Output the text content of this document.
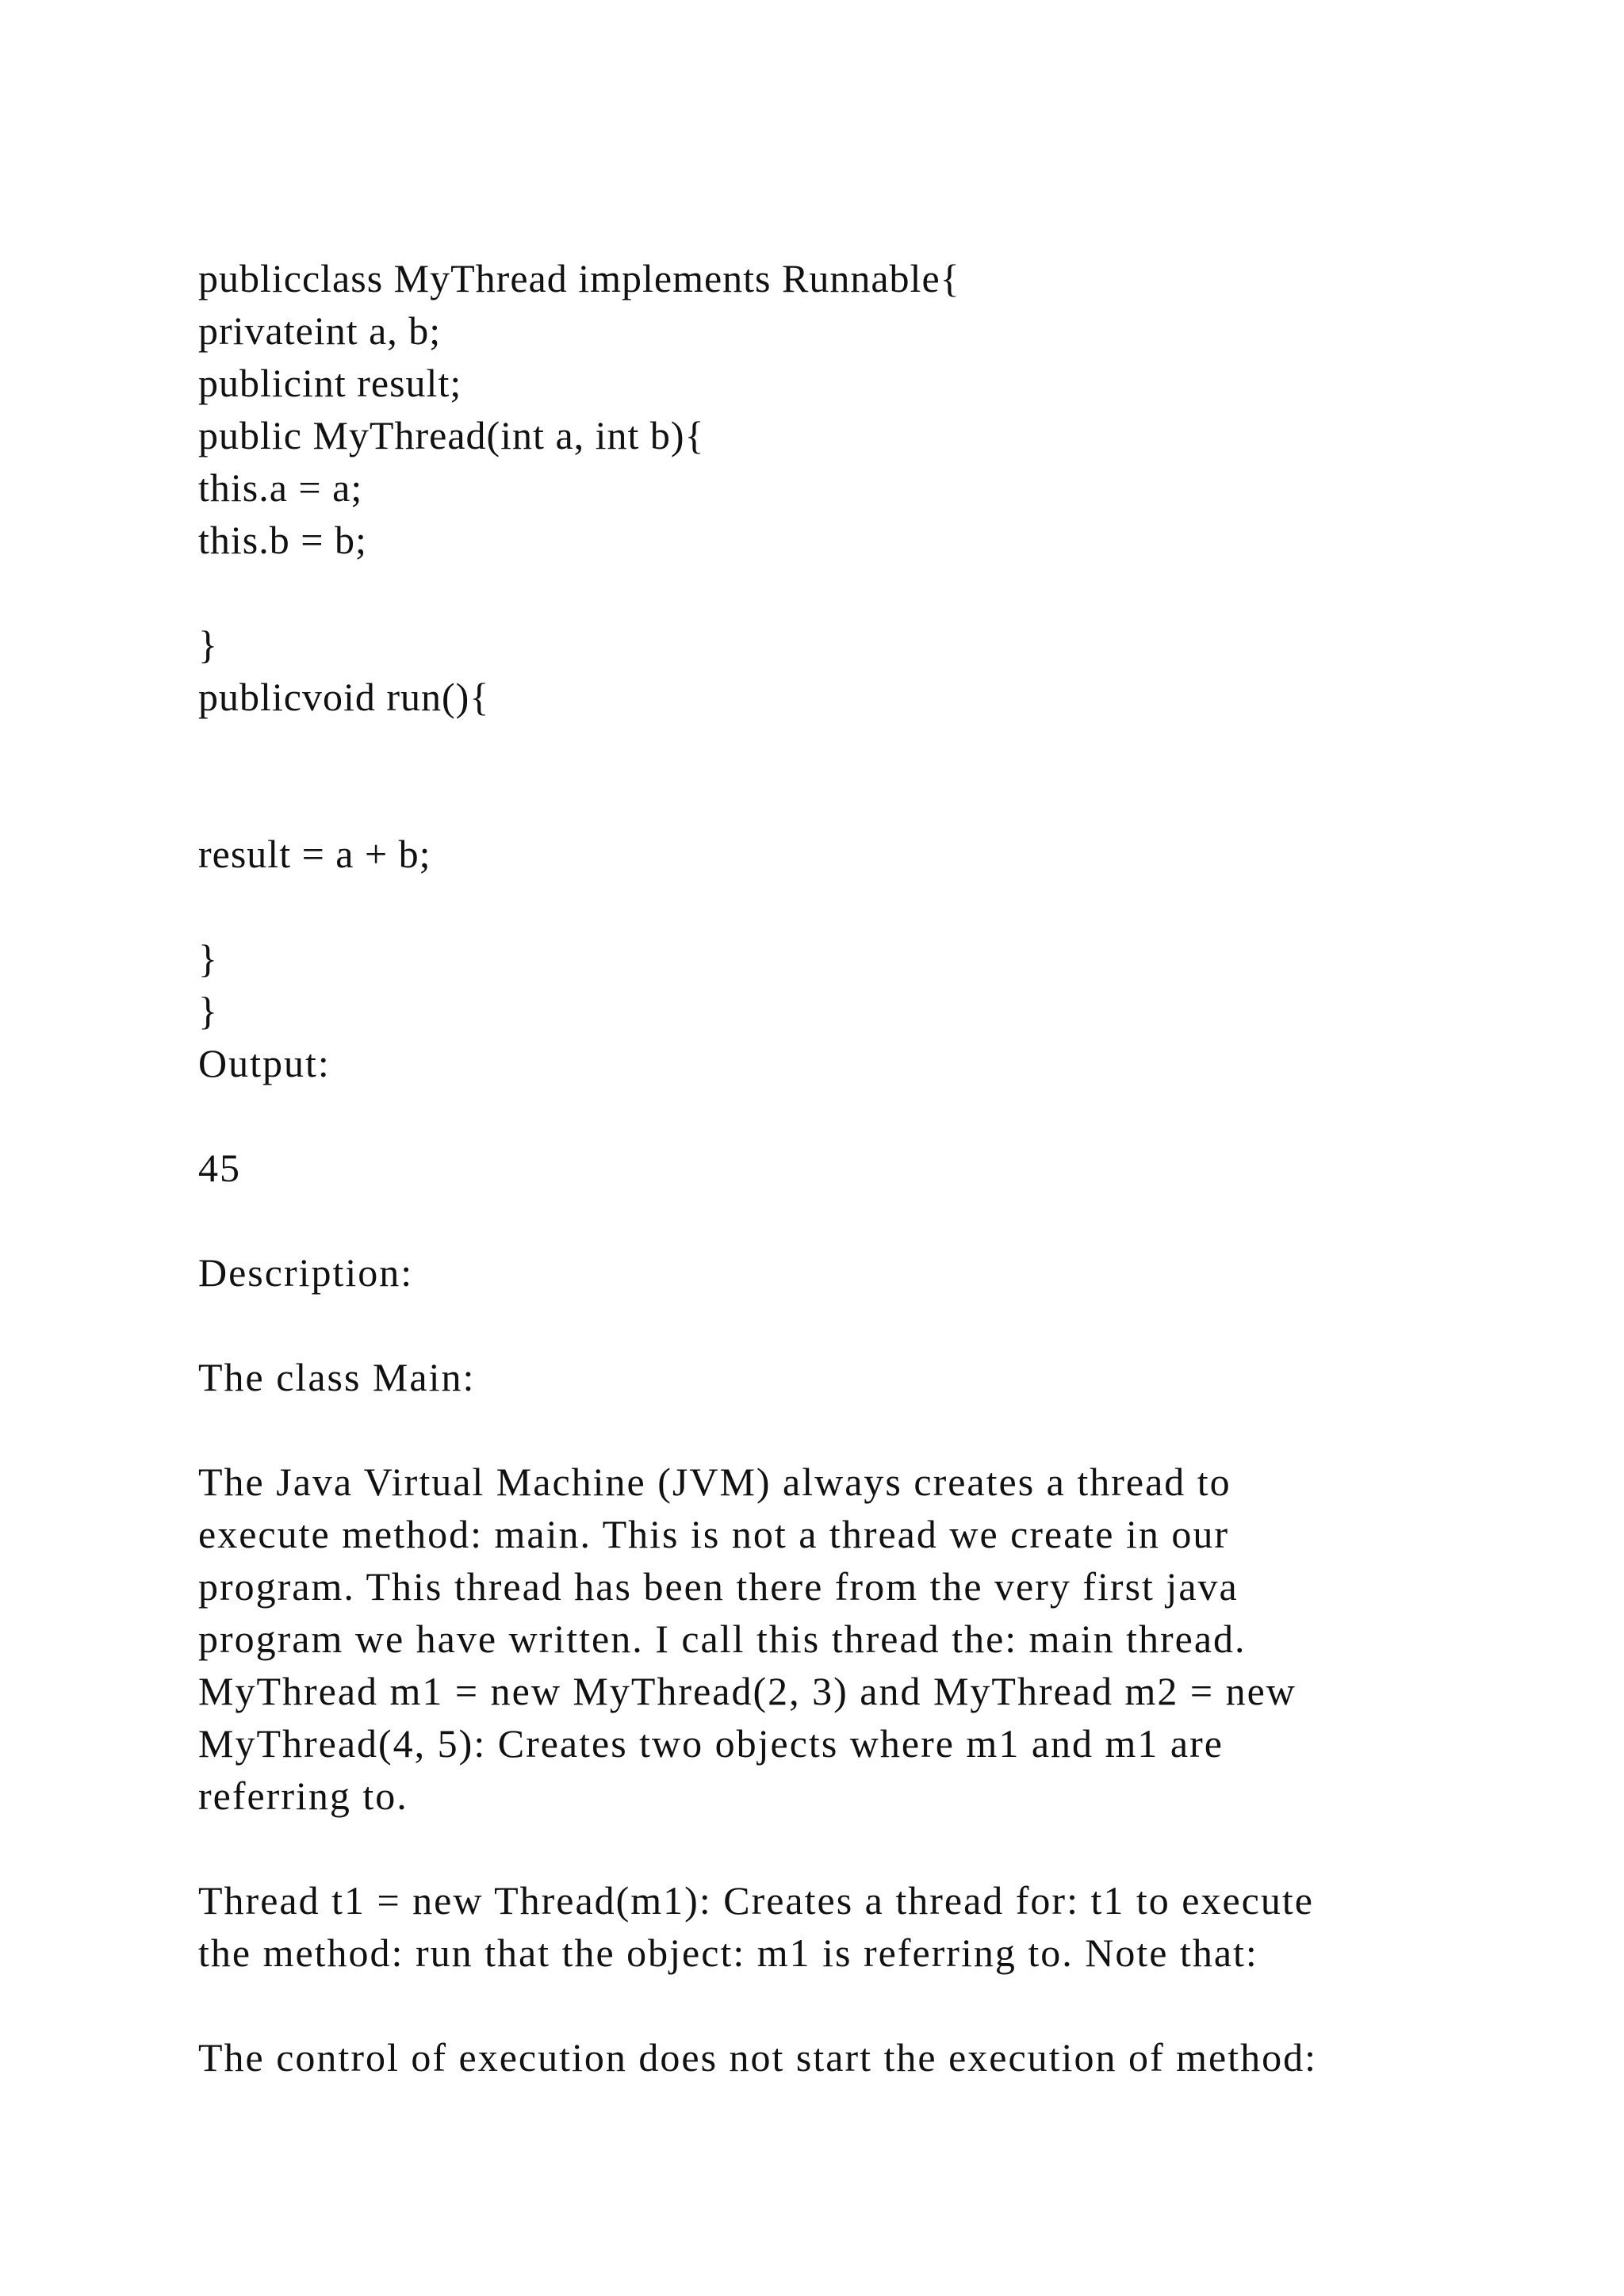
publicclass MyThread implements Runnable{

privateint a, b;

publicint result;

public MyThread(int a, int b){

this.a = a;

this.b = b;

}

publicvoid run(){

result = a + b;

}

}

Output:

45

Description:

The class Main:

The Java Virtual Machine (JVM) always creates a thread to

execute method: main. This is not a thread we create in our

program. This thread has been there from the very first java

program we have written. I call this thread the: main thread.

MyThread m1 = new MyThread(2, 3) and MyThread m2 = new

MyThread(4, 5): Creates two objects where m1 and m1 are

referring to.

Thread t1 = new Thread(m1): Creates a thread for: t1 to execute

the method: run that the object: m1 is referring to. Note that:

The control of execution does not start the execution of method:
